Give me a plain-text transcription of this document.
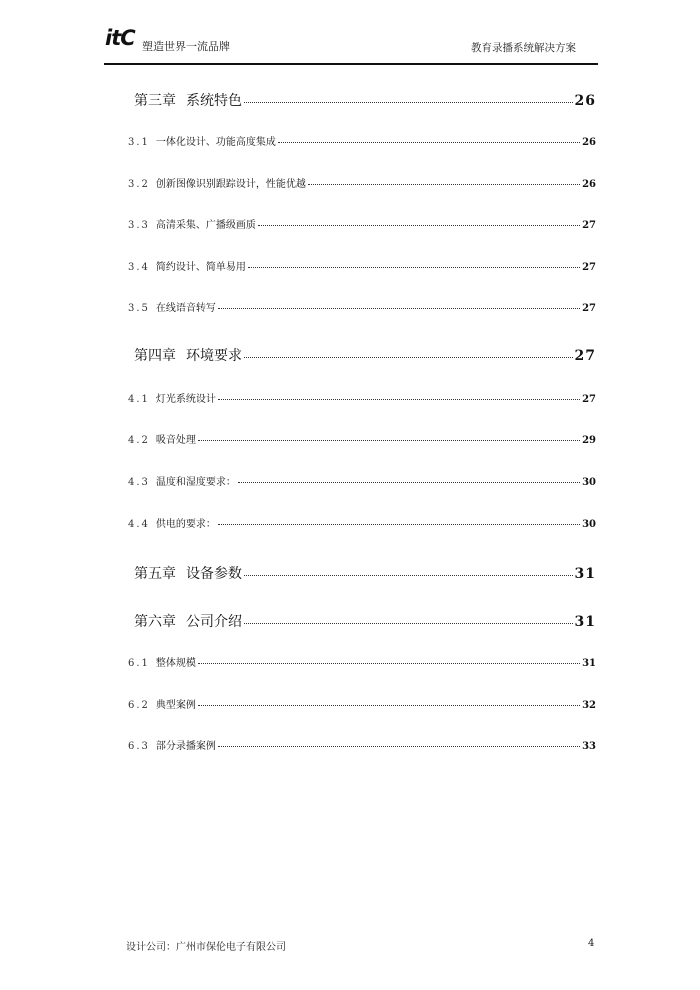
itC 塑造世界一流品牌	教育录播系统解决方案
第三章 系统特色	26
3.1 一体化设计、功能高度集成	26
3.2 创新图像识别跟踪设计，性能优越	26
3.3 高清采集、广播级画质	27
3.4 简约设计、简单易用	27
3.5 在线语音转写	27
第四章 环境要求	27
4.1 灯光系统设计	27
4.2 吸音处理	29
4.3 温度和湿度要求：	30
4.4 供电的要求：	30
第五章 设备参数	31
第六章 公司介绍	31
6.1 整体规模	31
6.2 典型案例	32
6.3 部分录播案例	33
设计公司：广州市保伦电子有限公司	4
